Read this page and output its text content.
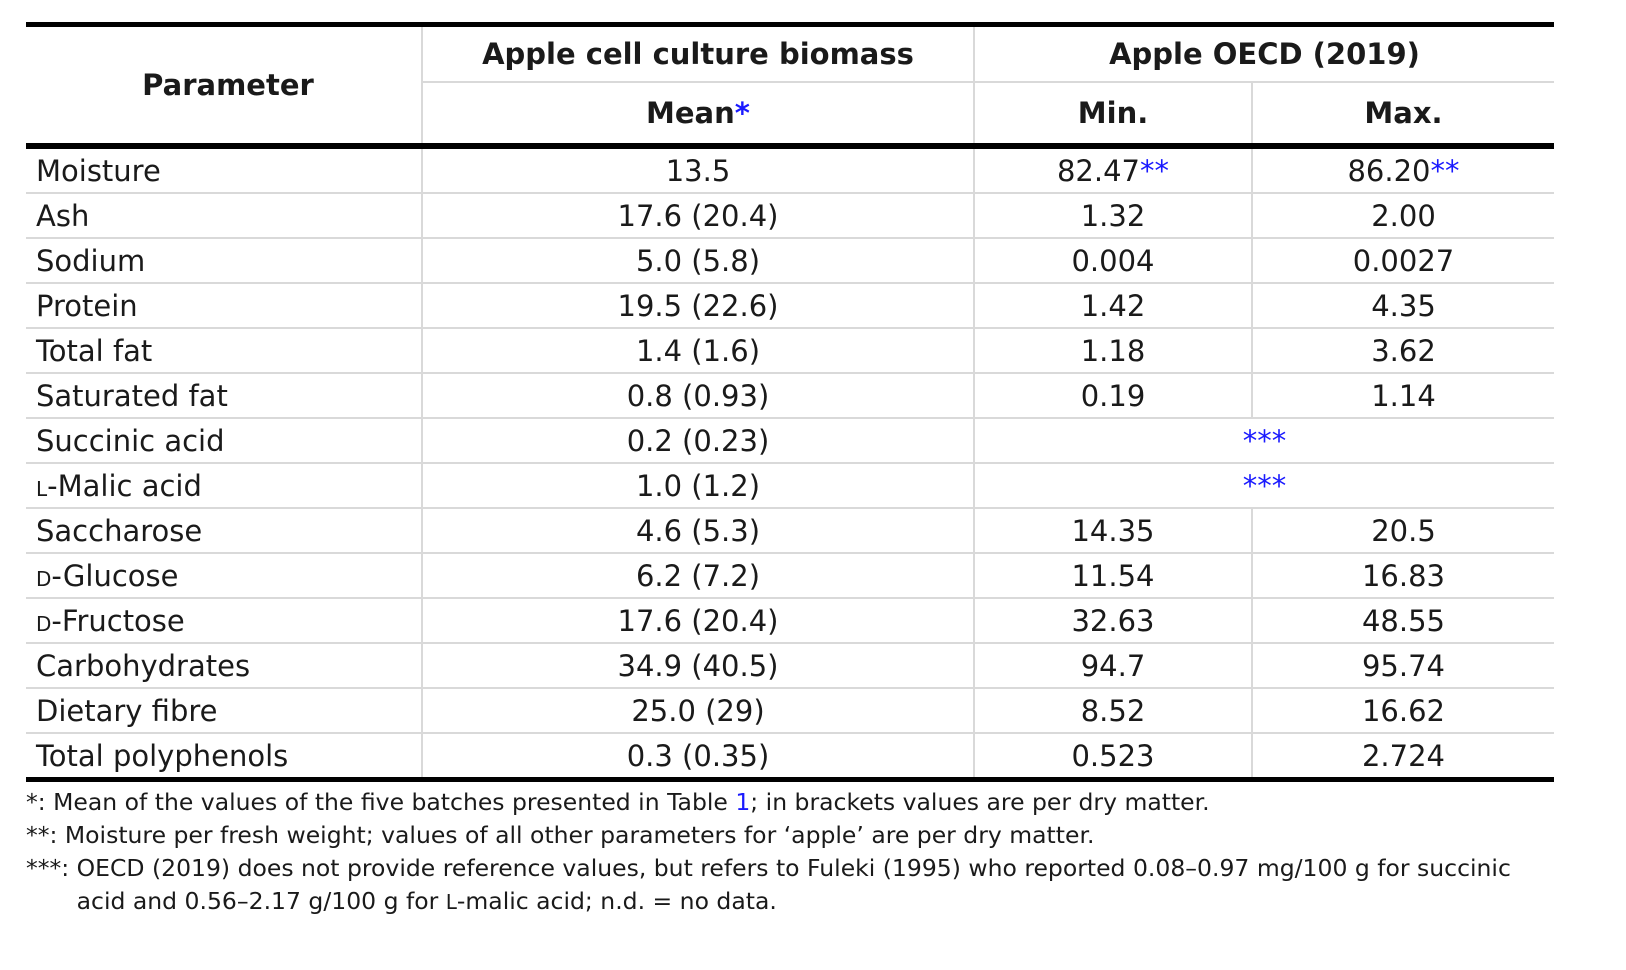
Parameter	Apple cell culture biomass	Apple OECD (2019)	
	Mean*	Min.	Max.
Moisture	13.5	82.47**	86.20**
Ash	17.6 (20.4)	1.32	2.00
Sodium	5.0 (5.8)	0.004	0.0027
Protein	19.5 (22.6)	1.42	4.35
Total fat	1.4 (1.6)	1.18	3.62
Saturated fat	0.8 (0.93)	0.19	1.14
Succinic acid	0.2 (0.23)	***	
L-Malic acid	1.0 (1.2)	***	
Saccharose	4.6 (5.3)	14.35	20.5
D-Glucose	6.2 (7.2)	11.54	16.83
D-Fructose	17.6 (20.4)	32.63	48.55
Carbohydrates	34.9 (40.5)	94.7	95.74
Dietary fibre	25.0 (29)	8.52	16.62
Total polyphenols	0.3 (0.35)	0.523	2.724
*: Mean of the values of the five batches presented in Table 1; in brackets values are per dry matter.
**: Moisture per fresh weight; values of all other parameters for ‘apple’ are per dry matter.
***: OECD (2019) does not provide reference values, but refers to Fuleki (1995) who reported 0.08–0.97 mg/100 g for succinic acid and 0.56–2.17 g/100 g for L-malic acid; n.d. = no data.
